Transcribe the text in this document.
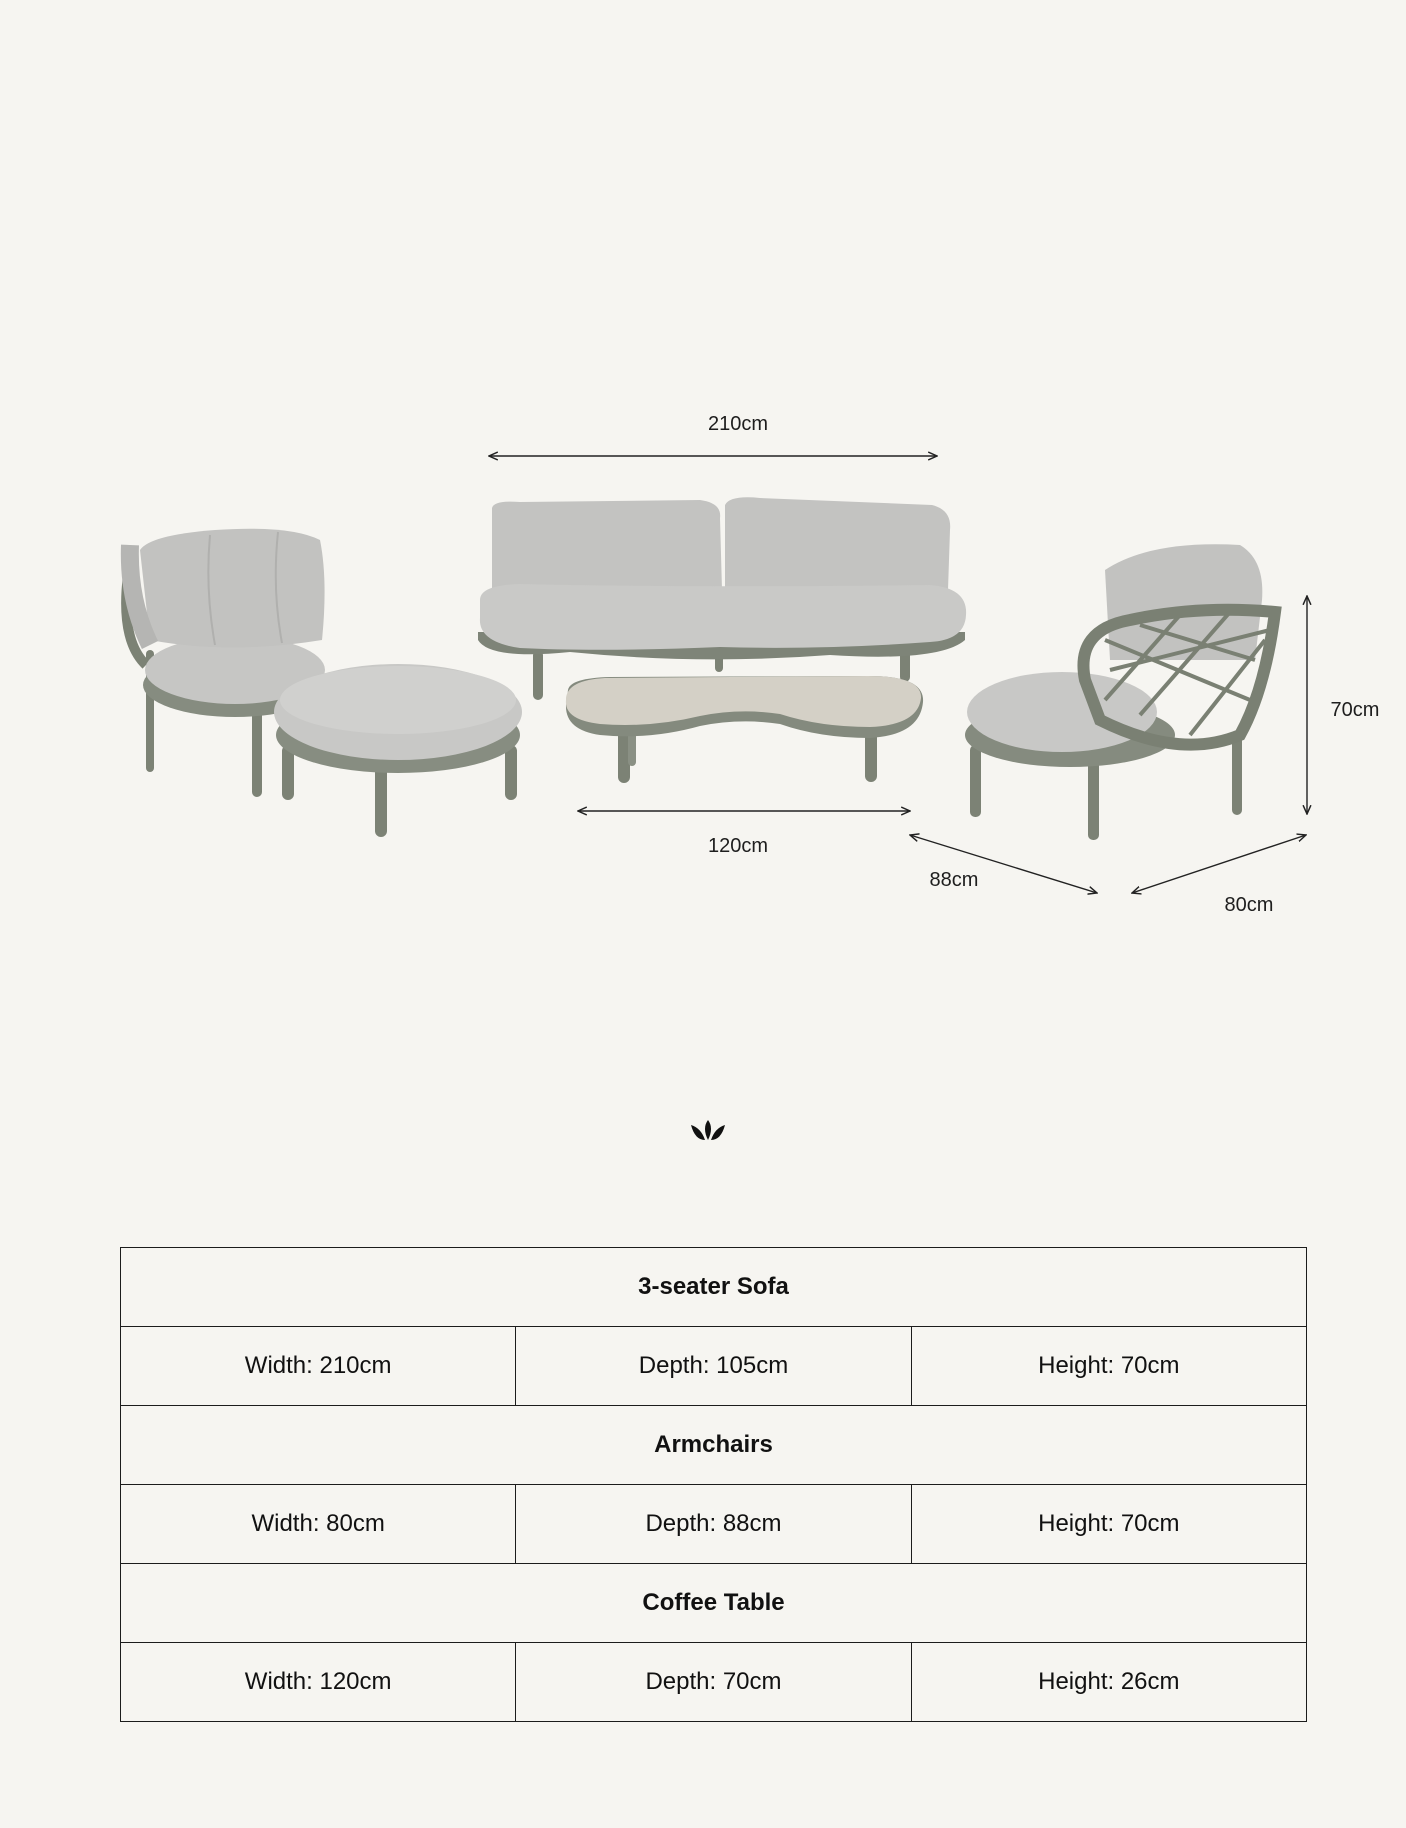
210cm
120cm
88cm
80cm
70cm
3-seater Sofa		
Width: 210cm	Depth: 105cm	Height: 70cm
Armchairs		
Width: 80cm	Depth: 88cm	Height: 70cm
Coffee Table		
Width: 120cm	Depth: 70cm	Height: 26cm
